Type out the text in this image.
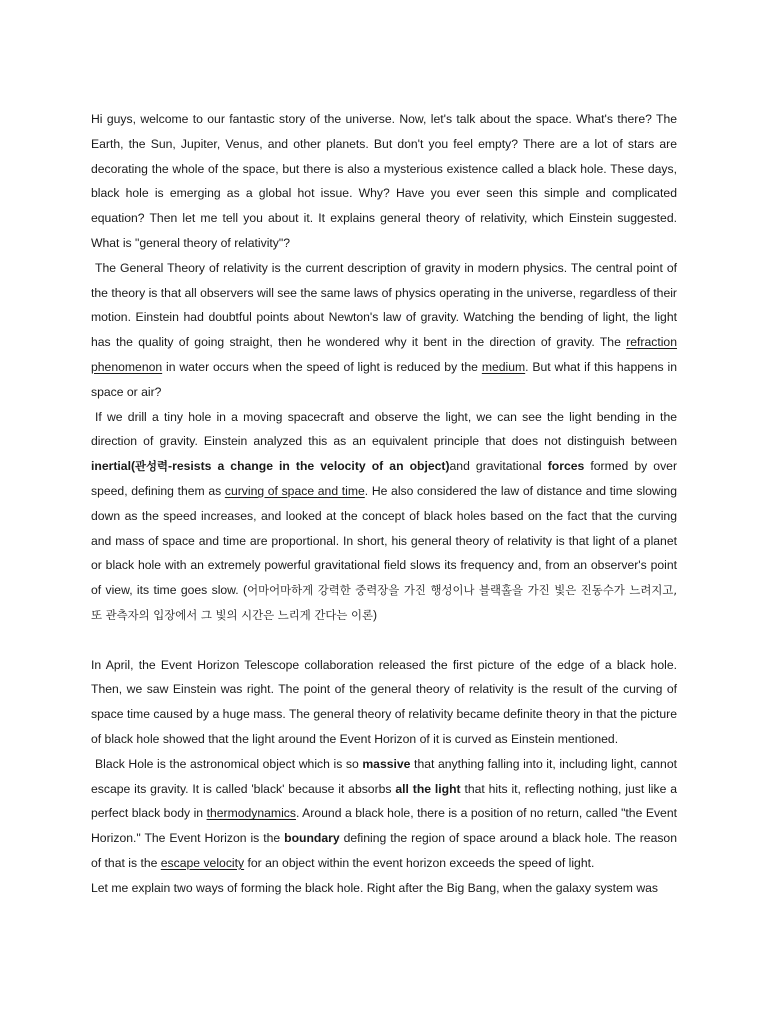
Hi guys, welcome to our fantastic story of the universe. Now, let's talk about the space. What's there? The Earth, the Sun, Jupiter, Venus, and other planets. But don't you feel empty? There are a lot of stars are decorating the whole of the space, but there is also a mysterious existence called a black hole. These days, black hole is emerging as a global hot issue. Why? Have you ever seen this simple and complicated equation? Then let me tell you about it. It explains general theory of relativity, which Einstein suggested. What is "general theory of relativity"?

The General Theory of relativity is the current description of gravity in modern physics. The central point of the theory is that all observers will see the same laws of physics operating in the universe, regardless of their motion. Einstein had doubtful points about Newton's law of gravity. Watching the bending of light, the light has the quality of going straight, then he wondered why it bent in the direction of gravity. The refraction phenomenon in water occurs when the speed of light is reduced by the medium. But what if this happens in space or air?

If we drill a tiny hole in a moving spacecraft and observe the light, we can see the light bending in the direction of gravity. Einstein analyzed this as an equivalent principle that does not distinguish between inertial(관성력-resists a change in the velocity of an object)and gravitational forces formed by over speed, defining them as curving of space and time. He also considered the law of distance and time slowing down as the speed increases, and looked at the concept of black holes based on the fact that the curving and mass of space and time are proportional. In short, his general theory of relativity is that light of a planet or black hole with an extremely powerful gravitational field slows its frequency and, from an observer's point of view, its time goes slow. (어마어마하게 강력한 중력장을 가진 행성이나 블랙홀을 가진 빛은 진동수가 느려지고, 또 관측자의 입장에서 그 빛의 시간은 느리게 간다는 이론)

In April, the Event Horizon Telescope collaboration released the first picture of the edge of a black hole. Then, we saw Einstein was right. The point of the general theory of relativity is the result of the curving of space time caused by a huge mass. The general theory of relativity became definite theory in that the picture of black hole showed that the light around the Event Horizon of it is curved as Einstein mentioned.

Black Hole is the astronomical object which is so massive that anything falling into it, including light, cannot escape its gravity. It is called 'black' because it absorbs all the light that hits it, reflecting nothing, just like a perfect black body in thermodynamics. Around a black hole, there is a position of no return, called "the Event Horizon." The Event Horizon is the boundary defining the region of space around a black hole. The reason of that is the escape velocity for an object within the event horizon exceeds the speed of light.

Let me explain two ways of forming the black hole. Right after the Big Bang, when the galaxy system was
